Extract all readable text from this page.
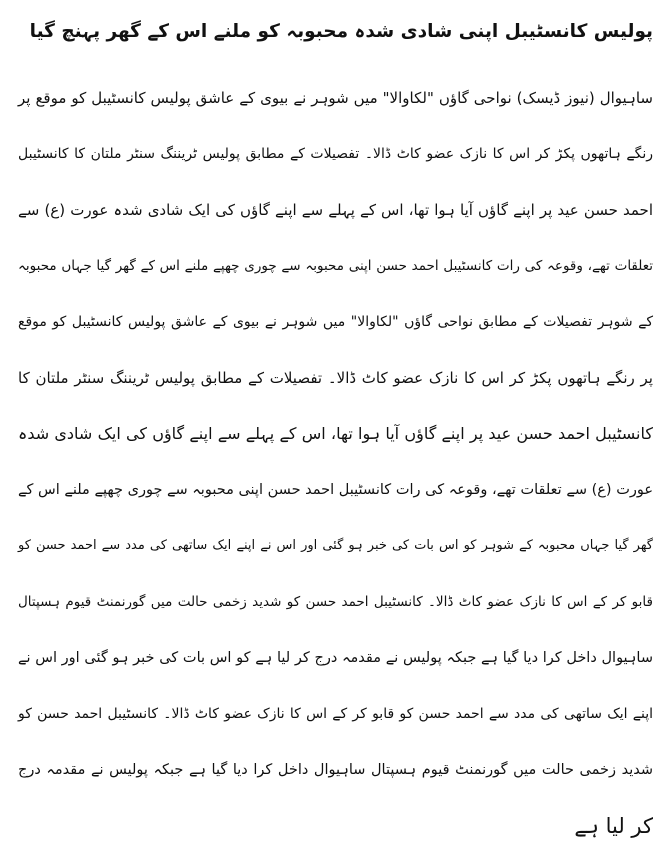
پولیس کانسٹیبل اپنی شادی شدہ محبوبہ کو ملنے اس کے گھر پہنچ گیا
ساہیوال (نیوز ڈیسک) نواحی گاؤں "لکاوالا" میں شوہر نے بیوی کے عاشق پولیس کانسٹیبل کو موقع پر
رنگے ہاتھوں پکڑ کر اس کا نازک عضو کاٹ ڈالا۔ تفصیلات کے مطابق پولیس ٹریننگ سنٹر ملتان کا کانسٹیبل
احمد حسن عید پر اپنے گاؤں آیا ہوا تھا، اس کے پہلے سے اپنے گاؤں کی ایک شادی شدہ عورت (ع) سے
تعلقات تھے، وقوعہ کی رات کانسٹیبل احمد حسن اپنی محبوبہ سے چوری چھپے ملنے اس کے گھر گیا جہاں محبوبہ
کے شوہر تفصیلات کے مطابق نواحی گاؤں "لکاوالا" میں شوہر نے بیوی کے عاشق پولیس کانسٹیبل کو موقع
پر رنگے ہاتھوں پکڑ کر اس کا نازک عضو کاٹ ڈالا۔ تفصیلات کے مطابق پولیس ٹریننگ سنٹر ملتان کا
کانسٹیبل احمد حسن عید پر اپنے گاؤں آیا ہوا تھا، اس کے پہلے سے اپنے گاؤں کی ایک شادی شدہ
عورت (ع) سے تعلقات تھے، وقوعہ کی رات کانسٹیبل احمد حسن اپنی محبوبہ سے چوری چھپے ملنے اس کے
گھر گیا جہاں محبوبہ کے شوہر کو اس بات کی خبر ہو گئی اور اس نے اپنے ایک ساتھی کی مدد سے احمد حسن کو
قابو کر کے اس کا نازک عضو کاٹ ڈالا۔ کانسٹیبل احمد حسن کو شدید زخمی حالت میں گورنمنٹ قیوم ہسپتال
ساہیوال داخل کرا دیا گیا ہے جبکہ پولیس نے مقدمہ درج کر لیا ہے کو اس بات کی خبر ہو گئی اور اس نے
اپنے ایک ساتھی کی مدد سے احمد حسن کو قابو کر کے اس کا نازک عضو کاٹ ڈالا۔ کانسٹیبل احمد حسن کو
شدید زخمی حالت میں گورنمنٹ قیوم ہسپتال ساہیوال داخل کرا دیا گیا ہے جبکہ پولیس نے مقدمہ درج
کر لیا ہے
